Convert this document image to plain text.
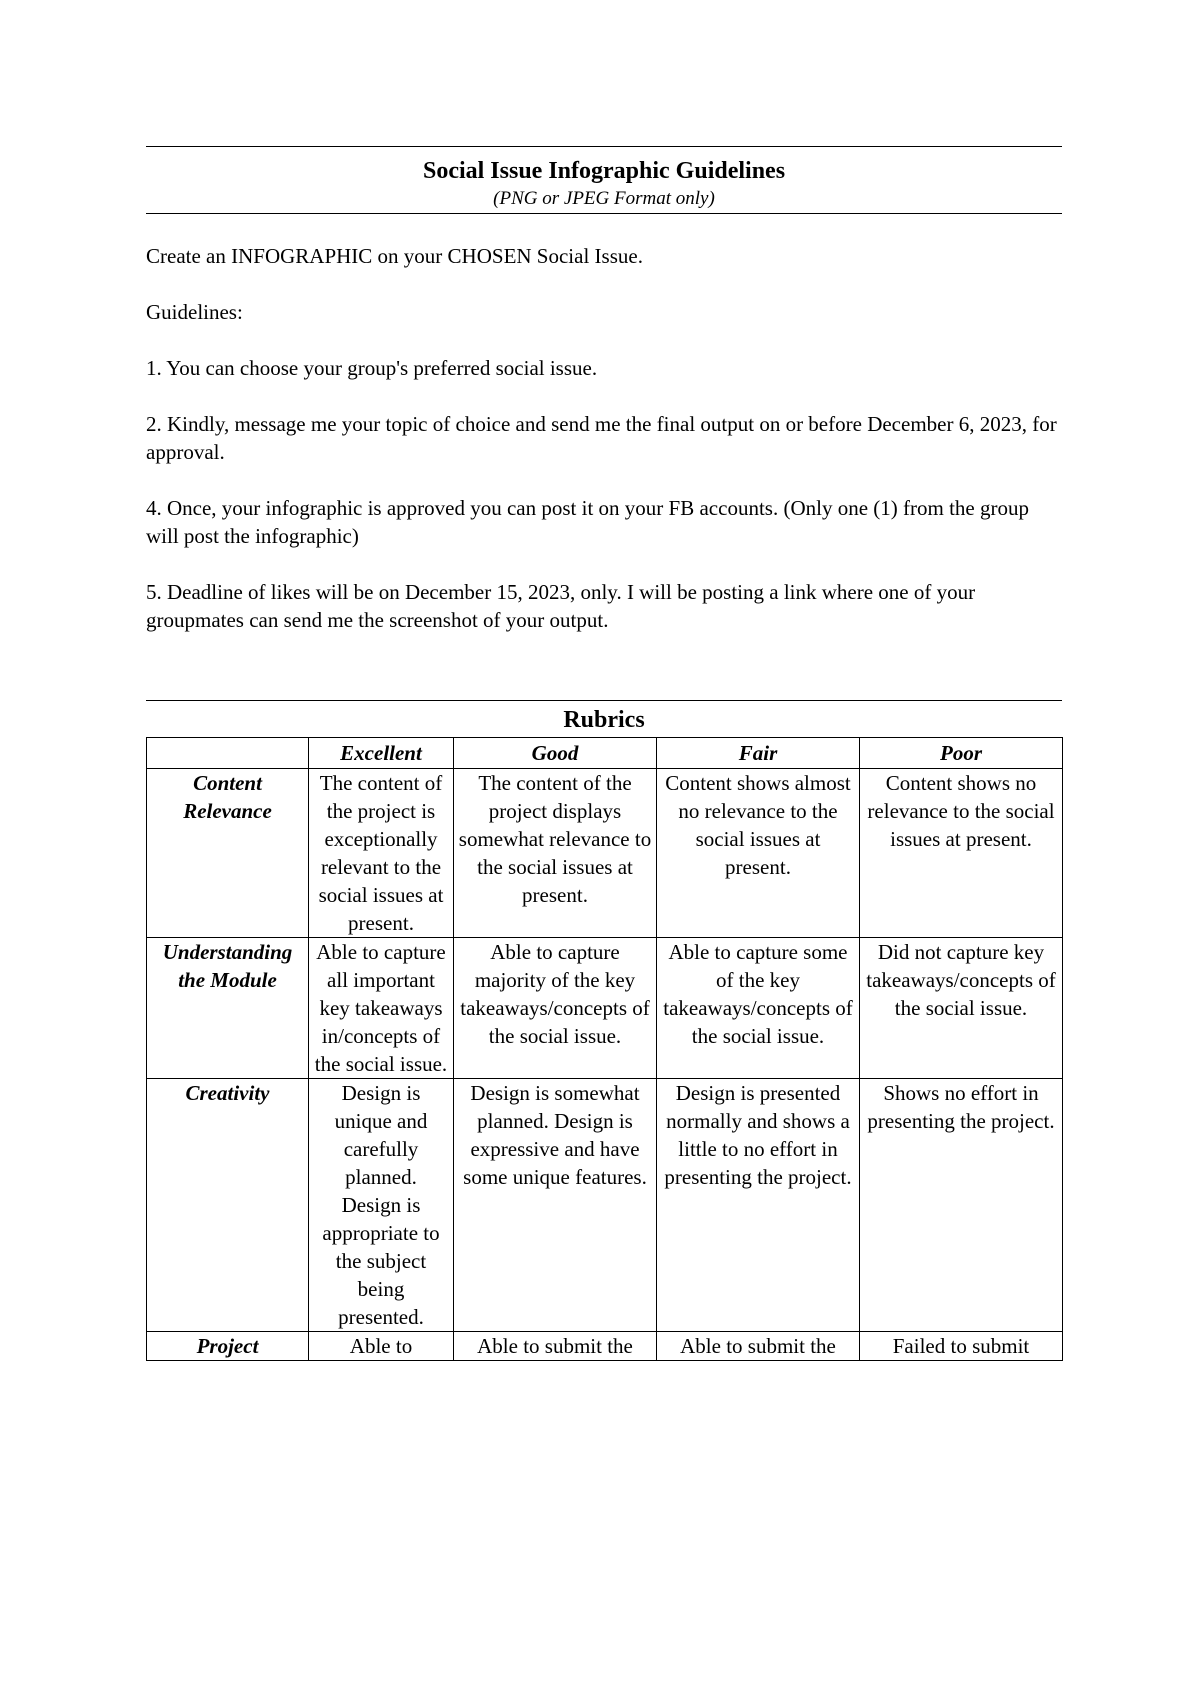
Social Issue Infographic Guidelines
(PNG or JPEG Format only)

Create an INFOGRAPHIC on your CHOSEN Social Issue.

Guidelines:

1. You can choose your group's preferred social issue.

2. Kindly, message me your topic of choice and send me the final output on or before December 6, 2023, for approval.

4. Once, your infographic is approved you can post it on your FB accounts. (Only one (1) from the group will post the infographic)

5. Deadline of likes will be on December 15, 2023, only. I will be posting a link where one of your groupmates can send me the screenshot of your output.

Rubrics
	Excellent	Good	Fair	Poor
Content Relevance	The content of the project is exceptionally relevant to the social issues at present.	The content of the project displays somewhat relevance to the social issues at present.	Content shows almost no relevance to the social issues at present.	Content shows no relevance to the social issues at present.
Understanding the Module	Able to capture all important key takeaways in/concepts of the social issue.	Able to capture majority of the key takeaways/concepts of the social issue.	Able to capture some of the key takeaways/concepts of the social issue.	Did not capture key takeaways/concepts of the social issue.
Creativity	Design is unique and carefully planned. Design is appropriate to the subject being presented.	Design is somewhat planned. Design is expressive and have some unique features.	Design is presented normally and shows a little to no effort in presenting the project.	Shows no effort in presenting the project.
Project	Able to	Able to submit the	Able to submit the	Failed to submit
